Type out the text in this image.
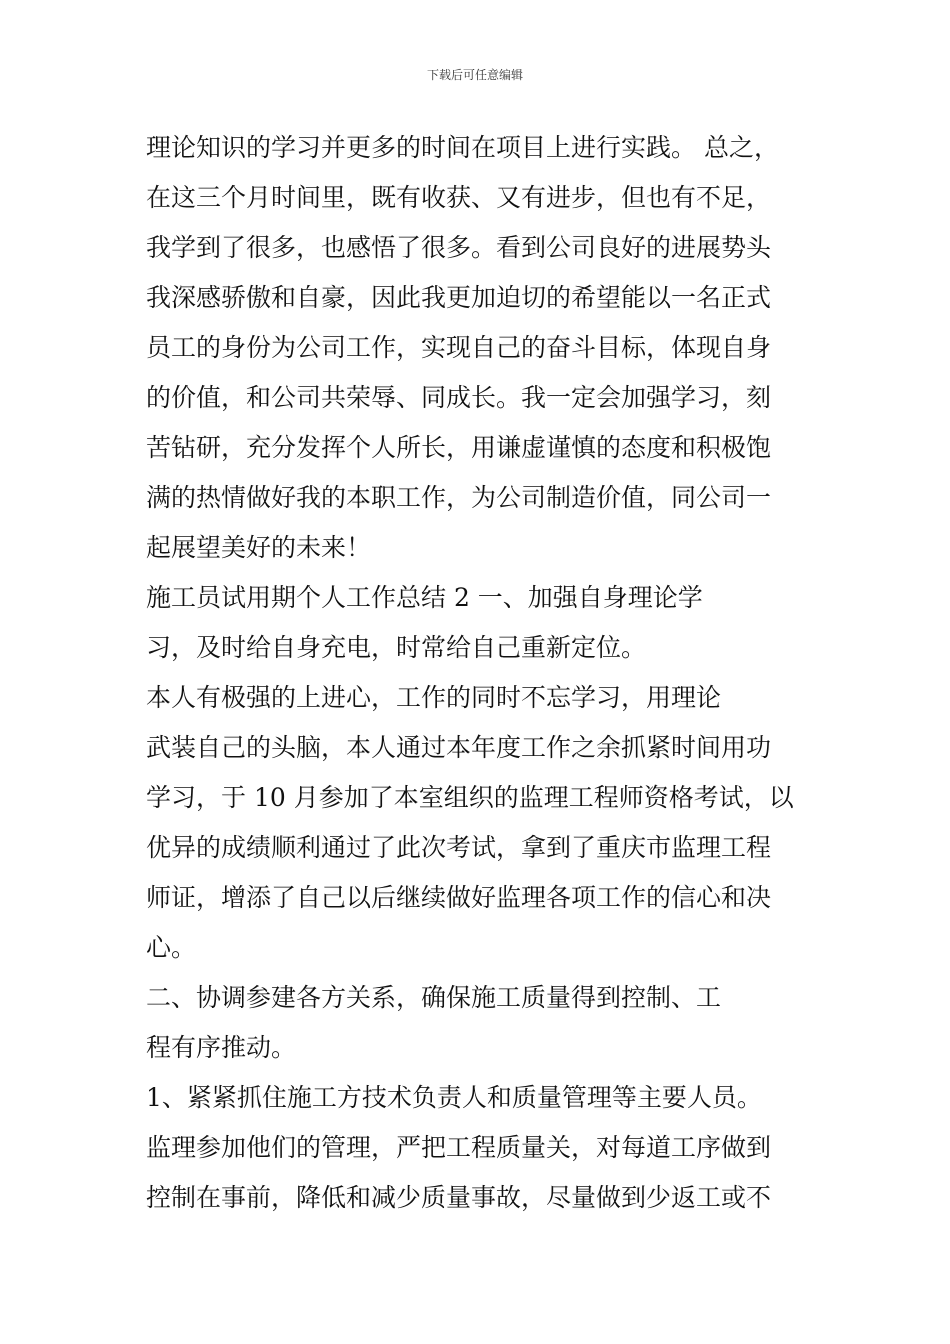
下载后可任意编辑
理论知识的学习并更多的时间在项目上进行实践。 总之，
在这三个月时间里，既有收获、又有进步，但也有不足，
我学到了很多，也感悟了很多。看到公司良好的进展势头
我深感骄傲和自豪，因此我更加迫切的希望能以一名正式
员工的身份为公司工作，实现自己的奋斗目标，体现自身
的价值，和公司共荣辱、同成长。我一定会加强学习，刻
苦钻研，充分发挥个人所长，用谦虚谨慎的态度和积极饱
满的热情做好我的本职工作，为公司制造价值，同公司一
起展望美好的未来！
施工员试用期个人工作总结 2 一、加强自身理论学
习，及时给自身充电，时常给自己重新定位。
本人有极强的上进心，工作的同时不忘学习，用理论
武装自己的头脑，本人通过本年度工作之余抓紧时间用功
学习，于 10 月参加了本室组织的监理工程师资格考试，以
优异的成绩顺利通过了此次考试，拿到了重庆市监理工程
师证，增添了自己以后继续做好监理各项工作的信心和决
心。
二、协调参建各方关系，确保施工质量得到控制、工
程有序推动。
1、紧紧抓住施工方技术负责人和质量管理等主要人员。
监理参加他们的管理，严把工程质量关，对每道工序做到
控制在事前，降低和减少质量事故，尽量做到少返工或不
